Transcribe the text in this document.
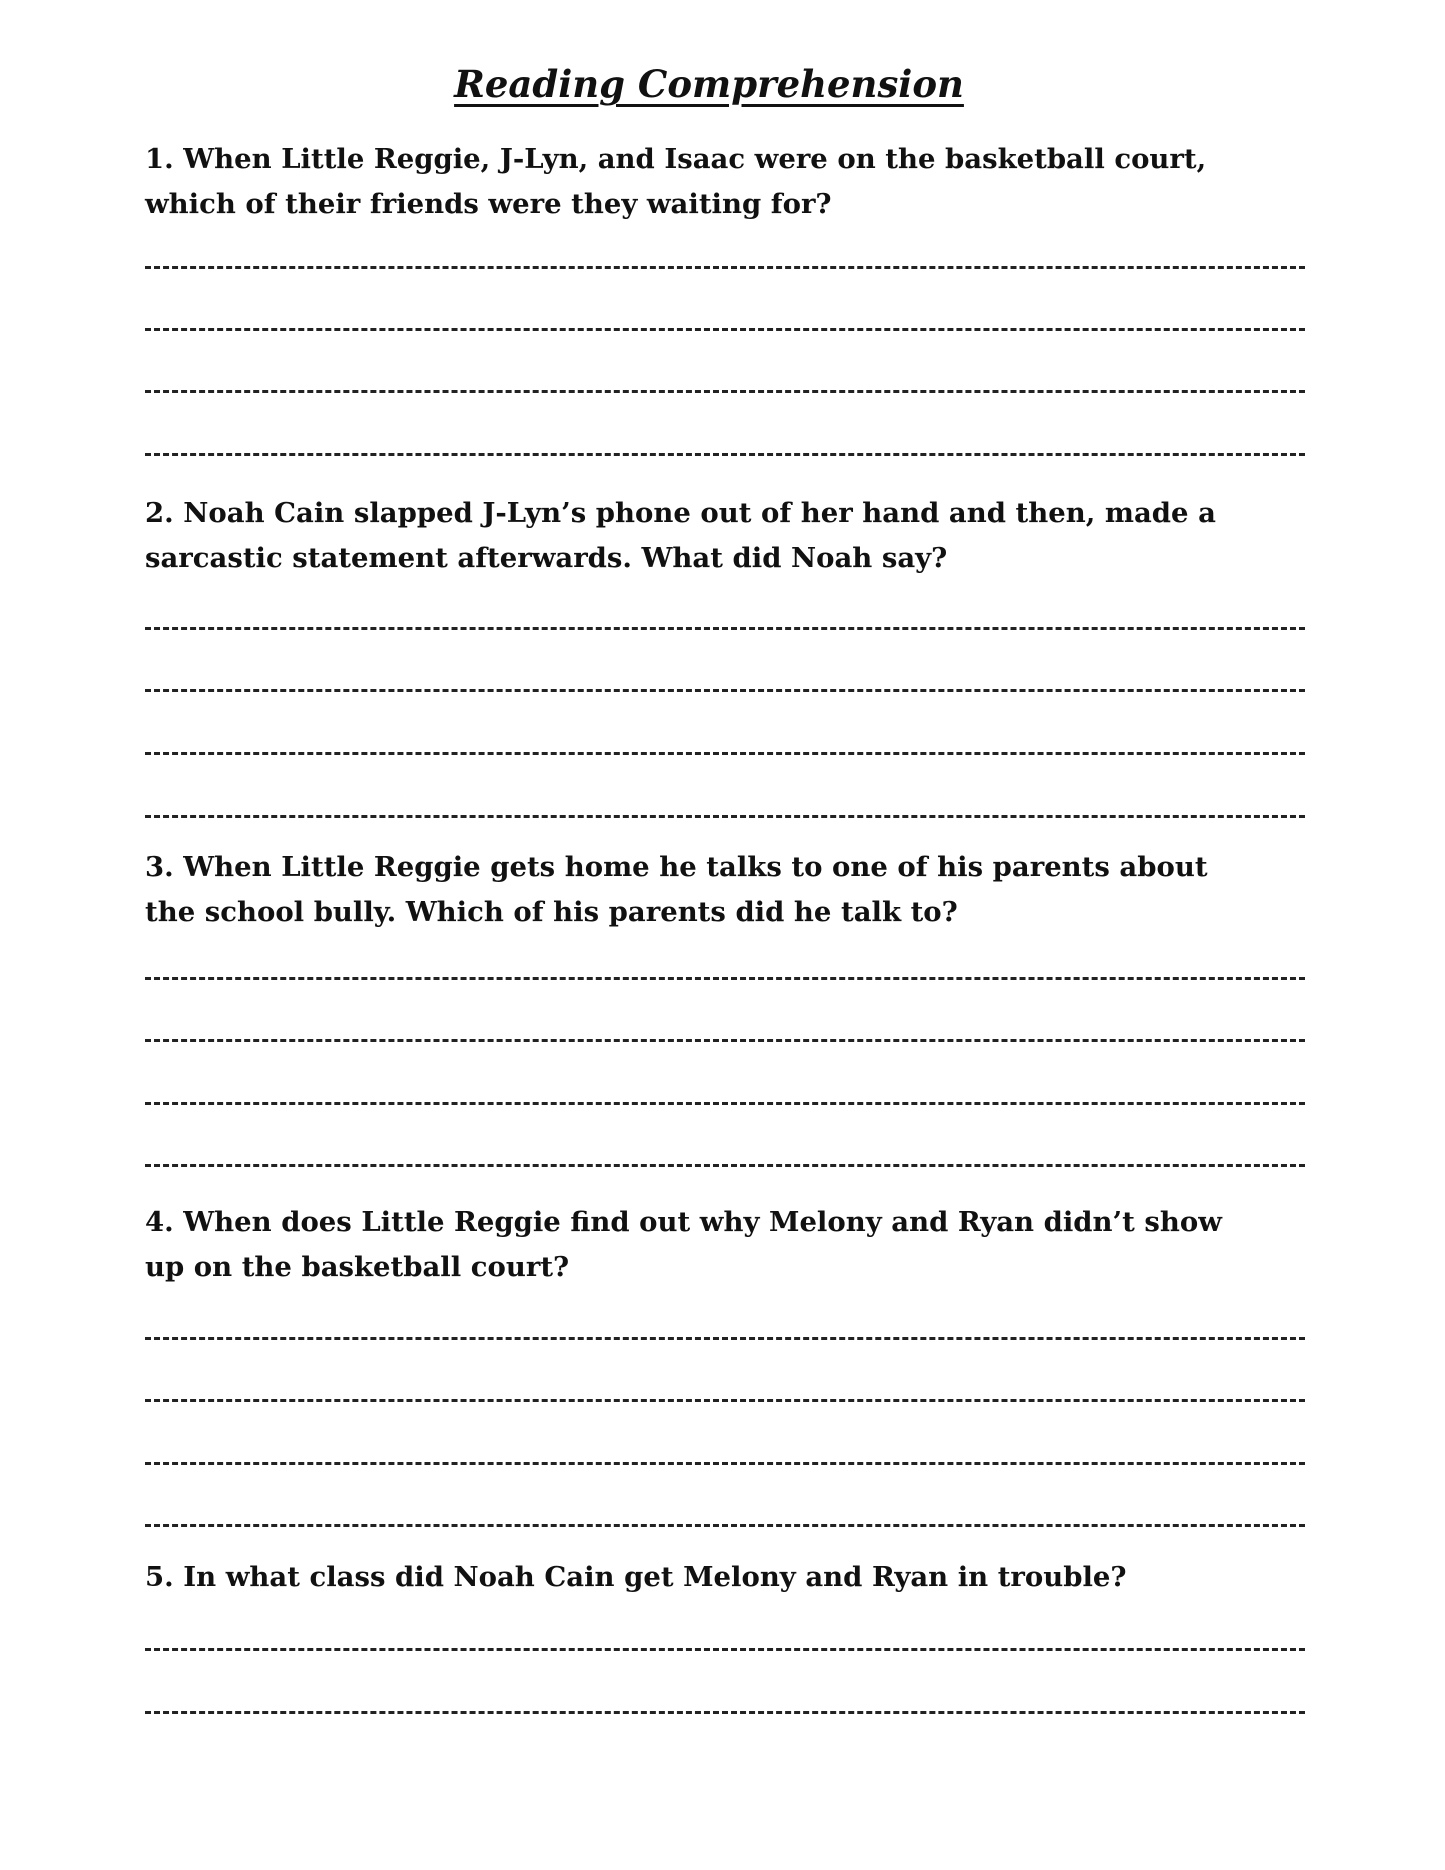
Reading Comprehension

1. When Little Reggie, J-Lyn, and Isaac were on the basketball court, which of their friends were they waiting for?

2. Noah Cain slapped J-Lyn’s phone out of her hand and then, made a sarcastic statement afterwards. What did Noah say?

3. When Little Reggie gets home he talks to one of his parents about the school bully. Which of his parents did he talk to?

4. When does Little Reggie find out why Melony and Ryan didn’t show up on the basketball court?

5. In what class did Noah Cain get Melony and Ryan in trouble?
